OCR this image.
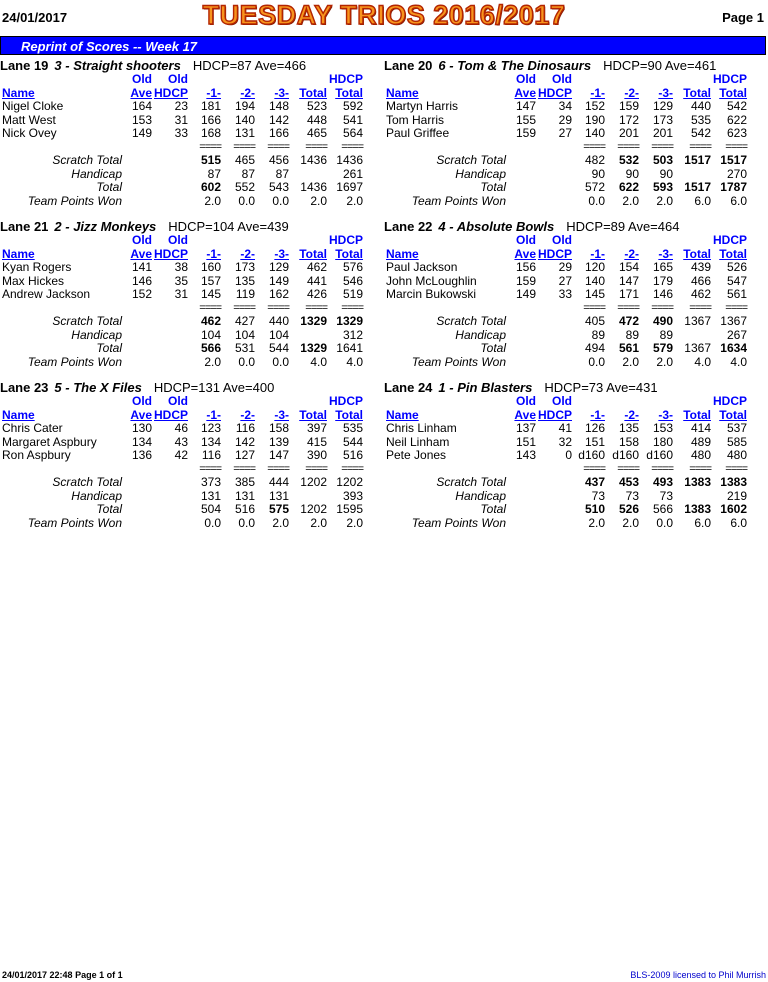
24/01/2017	TUESDAY TRIOS 2016/2017	Page 1
Reprint of Scores -- Week 17
Lane 19 3 - Straight shooters HDCP=87 Ave=466
Old Old	HDCP
Name	Ave HDCP -1- -2- -3- Total Total
Nigel Cloke	164 23 181 194 148 523 592
Matt West	153 31 166 140 142 448 541
Nick Ovey	149 33 168 131 166 465 564
==== ==== ==== ==== ====
Scratch Total	515 465 456 1436 1436
Handicap	87 87 87	261
Total	602 552 543 1436 1697
Team Points Won	2.0 0.0 0.0 2.0 2.0
Lane 20 6 - Tom & The Dinosaurs HDCP=90 Ave=461
Old Old	HDCP
Name	Ave HDCP -1- -2- -3- Total Total
Martyn Harris	147 34 152 159 129 440 542
Tom Harris	155 29 190 172 173 535 622
Paul Griffee	159 27 140 201 201 542 623
==== ==== ==== ==== ====
Scratch Total	482 532 503 1517 1517
Handicap	90 90 90	270
Total	572 622 593 1517 1787
Team Points Won	0.0 2.0 2.0 6.0 6.0
Lane 21 2 - Jizz Monkeys HDCP=104 Ave=439
Old Old	HDCP
Name	Ave HDCP -1- -2- -3- Total Total
Kyan Rogers	141 38 160 173 129 462 576
Max Hickes	146 35 157 135 149 441 546
Andrew Jackson	152 31 145 119 162 426 519
==== ==== ==== ==== ====
Scratch Total	462 427 440 1329 1329
Handicap	104 104 104	312
Total	566 531 544 1329 1641
Team Points Won	2.0 0.0 0.0 4.0 4.0
Lane 22 4 - Absolute Bowls HDCP=89 Ave=464
Old Old	HDCP
Name	Ave HDCP -1- -2- -3- Total Total
Paul Jackson	156 29 120 154 165 439 526
John McLoughlin	159 27 140 147 179 466 547
Marcin Bukowski	149 33 145 171 146 462 561
==== ==== ==== ==== ====
Scratch Total	405 472 490 1367 1367
Handicap	89 89 89	267
Total	494 561 579 1367 1634
Team Points Won	0.0 2.0 2.0 4.0 4.0
Lane 23 5 - The X Files HDCP=131 Ave=400
Old Old	HDCP
Name	Ave HDCP -1- -2- -3- Total Total
Chris Cater	130 46 123 116 158 397 535
Margaret Aspbury	134 43 134 142 139 415 544
Ron Aspbury	136 42 116 127 147 390 516
==== ==== ==== ==== ====
Scratch Total	373 385 444 1202 1202
Handicap	131 131 131	393
Total	504 516 575 1202 1595
Team Points Won	0.0 0.0 2.0 2.0 2.0
Lane 24 1 - Pin Blasters HDCP=73 Ave=431
Old Old	HDCP
Name	Ave HDCP -1- -2- -3- Total Total
Chris Linham	137 41 126 135 153 414 537
Neil Linham	151 32 151 158 180 489 585
Pete Jones	143 0 d160 d160 d160 480 480
==== ==== ==== ==== ====
Scratch Total	437 453 493 1383 1383
Handicap	73 73 73	219
Total	510 526 566 1383 1602
Team Points Won	2.0 2.0 0.0 6.0 6.0
24/01/2017 22:48 Page 1 of 1	BLS-2009 licensed to Phil Murrish
